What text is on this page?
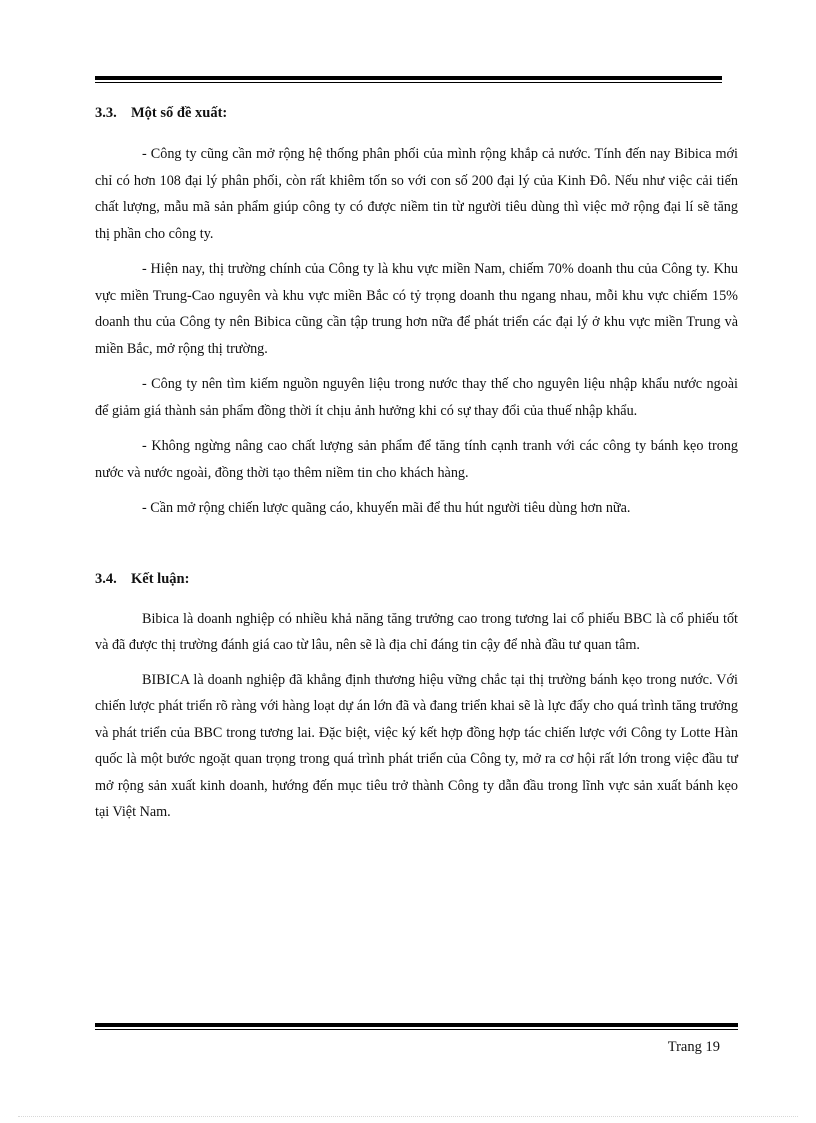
3.3. Một số đề xuất:

- Công ty cũng cần mở rộng hệ thống phân phối của mình rộng khắp cả nước. Tính đến nay Bibica mới chỉ có hơn 108 đại lý phân phối, còn rất khiêm tốn so với con số 200 đại lý của Kinh Đô. Nếu như việc cải tiến chất lượng, mẫu mã sản phẩm giúp công ty có được niềm tin từ người tiêu dùng thì việc mở rộng đại lí sẽ tăng thị phần cho công ty.

- Hiện nay, thị trường chính của Công ty là khu vực miền Nam, chiếm 70% doanh thu của Công ty. Khu vực miền Trung-Cao nguyên và khu vực miền Bắc có tỷ trọng doanh thu ngang nhau, mỗi khu vực chiếm 15% doanh thu của Công ty nên Bibica cũng cần tập trung hơn nữa để phát triển các đại lý ở khu vực miền Trung và miền Bắc, mở rộng thị trường.

- Công ty nên tìm kiếm nguồn nguyên liệu trong nước thay thế cho nguyên liệu nhập khẩu nước ngoài để giảm giá thành sản phẩm đồng thời ít chịu ảnh hưởng khi có sự thay đổi của thuế nhập khẩu.

- Không ngừng nâng cao chất lượng sản phẩm để tăng tính cạnh tranh với các công ty bánh kẹo trong nước và nước ngoài, đồng thời tạo thêm niềm tin cho khách hàng.

- Cần mở rộng chiến lược quãng cáo, khuyến mãi để thu hút người tiêu dùng hơn nữa.

3.4. Kết luận:

Bibica là doanh nghiệp có nhiều khả năng tăng trưởng cao trong tương lai cổ phiếu BBC là cổ phiếu tốt và đã được thị trường đánh giá cao từ lâu, nên sẽ là địa chỉ đáng tin cậy để nhà đầu tư quan tâm.

BIBICA là doanh nghiệp đã khẳng định thương hiệu vững chắc tại thị trường bánh kẹo trong nước. Với chiến lược phát triển rõ ràng với hàng loạt dự án lớn đã và đang triển khai sẽ là lực đẩy cho quá trình tăng trưởng và phát triển của BBC trong tương lai. Đặc biệt, việc ký kết hợp đồng hợp tác chiến lược với Công ty Lotte Hàn quốc là một bước ngoặt quan trọng trong quá trình phát triển của Công ty, mở ra cơ hội rất lớn trong việc đầu tư mở rộng sản xuất kinh doanh, hướng đến mục tiêu trở thành Công ty dẫn đầu trong lĩnh vực sản xuất bánh kẹo tại Việt Nam.

Trang 19
